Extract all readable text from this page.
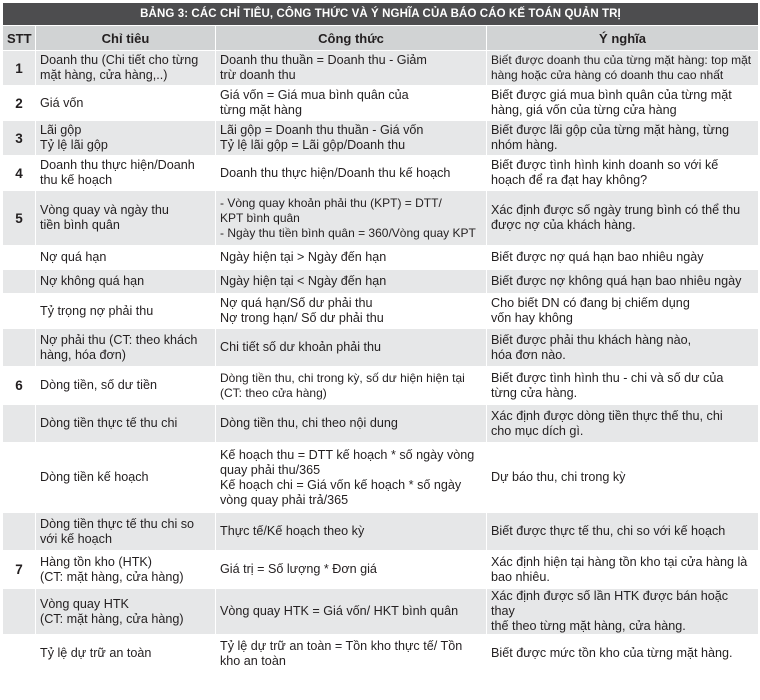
BẢNG 3: CÁC CHỈ TIÊU, CÔNG THỨC VÀ Ý NGHĨA CỦA BÁO CÁO KẾ TOÁN QUẢN TRỊ			
STT	Chỉ tiêu	Công thức	Ý nghĩa
1	Doanh thu (Chi tiết cho từng
mặt hàng, cửa hàng,..)	Doanh thu thuần = Doanh thu - Giảm
trừ doanh thu	Biết được doanh thu của từng mặt hàng: top mặt
hàng hoặc cửa hàng có doanh thu cao nhất

2	Giá vốn	Giá vốn = Giá mua bình quân của
từng mặt hàng	Biết được giá mua bình quân của từng mặt
hàng, giá vốn của từng cửa hàng

3	Lãi gộp
Tỷ lệ lãi gộp	Lãi gộp = Doanh thu thuần - Giá vốn
Tỷ lệ lãi gộp = Lãi gộp/Doanh thu	Biết được lãi gộp của từng mặt hàng, từng
nhóm hàng.

4	Doanh thu thực hiện/Doanh
thu kế hoạch	Doanh thu thực hiện/Doanh thu kế hoạch	Biết được tình hình kinh doanh so với kế
hoạch để ra đạt hay không?

5	Vòng quay và ngày thu
tiền bình quân	- Vòng quay khoản phải thu (KPT) = DTT/
KPT bình quân
- Ngày thu tiền bình quân = 360/Vòng quay KPT	Xác định được số ngày trung bình có thể thu
được nợ của khách hàng.

	Nợ quá hạn	Ngày hiện tại > Ngày đến hạn	Biết được nợ quá hạn bao nhiêu ngày

	Nợ không quá hạn	Ngày hiện tại < Ngày đến hạn	Biết được nợ không quá hạn bao nhiêu ngày

	Tỷ trọng nợ phải thu	Nợ quá hạn/Số dư phải thu
Nợ trong hạn/ Số dư phải thu	Cho biết DN có đang bị chiếm dụng
vốn hay không

	Nợ phải thu (CT: theo khách
hàng, hóa đơn)	Chi tiết số dư khoản phải thu	Biết được phải thu khách hàng nào,
hóa đơn nào.

6	Dòng tiền, số dư tiền	Dòng tiền thu, chi trong kỳ, số dư hiện hiện tại
(CT: theo cửa hàng)	Biết được tình hình thu - chi và số dư của
từng cửa hàng.

	Dòng tiền thực tế thu chi	Dòng tiền thu, chi theo nội dung	Xác định được dòng tiền thực thế thu, chi
cho mục dích gì.

	Dòng tiền kế hoạch	Kế hoạch thu = DTT kế hoạch * số ngày vòng
quay phải thu/365
Kế hoạch chi = Giá vốn kế hoạch * số ngày
vòng quay phải trả/365	Dự báo thu, chi trong kỳ

	Dòng tiền thực tế thu chi so
với kế hoạch	Thực tế/Kế hoạch theo kỳ	Biết được thực tế thu, chi so với kế hoạch

7	Hàng tồn kho (HTK)
(CT: mặt hàng, cửa hàng)	Giá trị = Số lượng * Đơn giá	Xác định hiện tại hàng tồn kho tại cửa hàng là
bao nhiêu.

	Vòng quay HTK
(CT: mặt hàng, cửa hàng)	Vòng quay HTK = Giá vốn/ HKT bình quân	Xác định được số lần HTK được bán hoặc thay
thế theo từng mặt hàng, cửa hàng.

	Tỷ lệ dự trữ an toàn	Tỷ lệ dự trữ an toàn = Tồn kho thực tế/ Tồn
kho an toàn	Biết được mức tồn kho của từng mặt hàng.
